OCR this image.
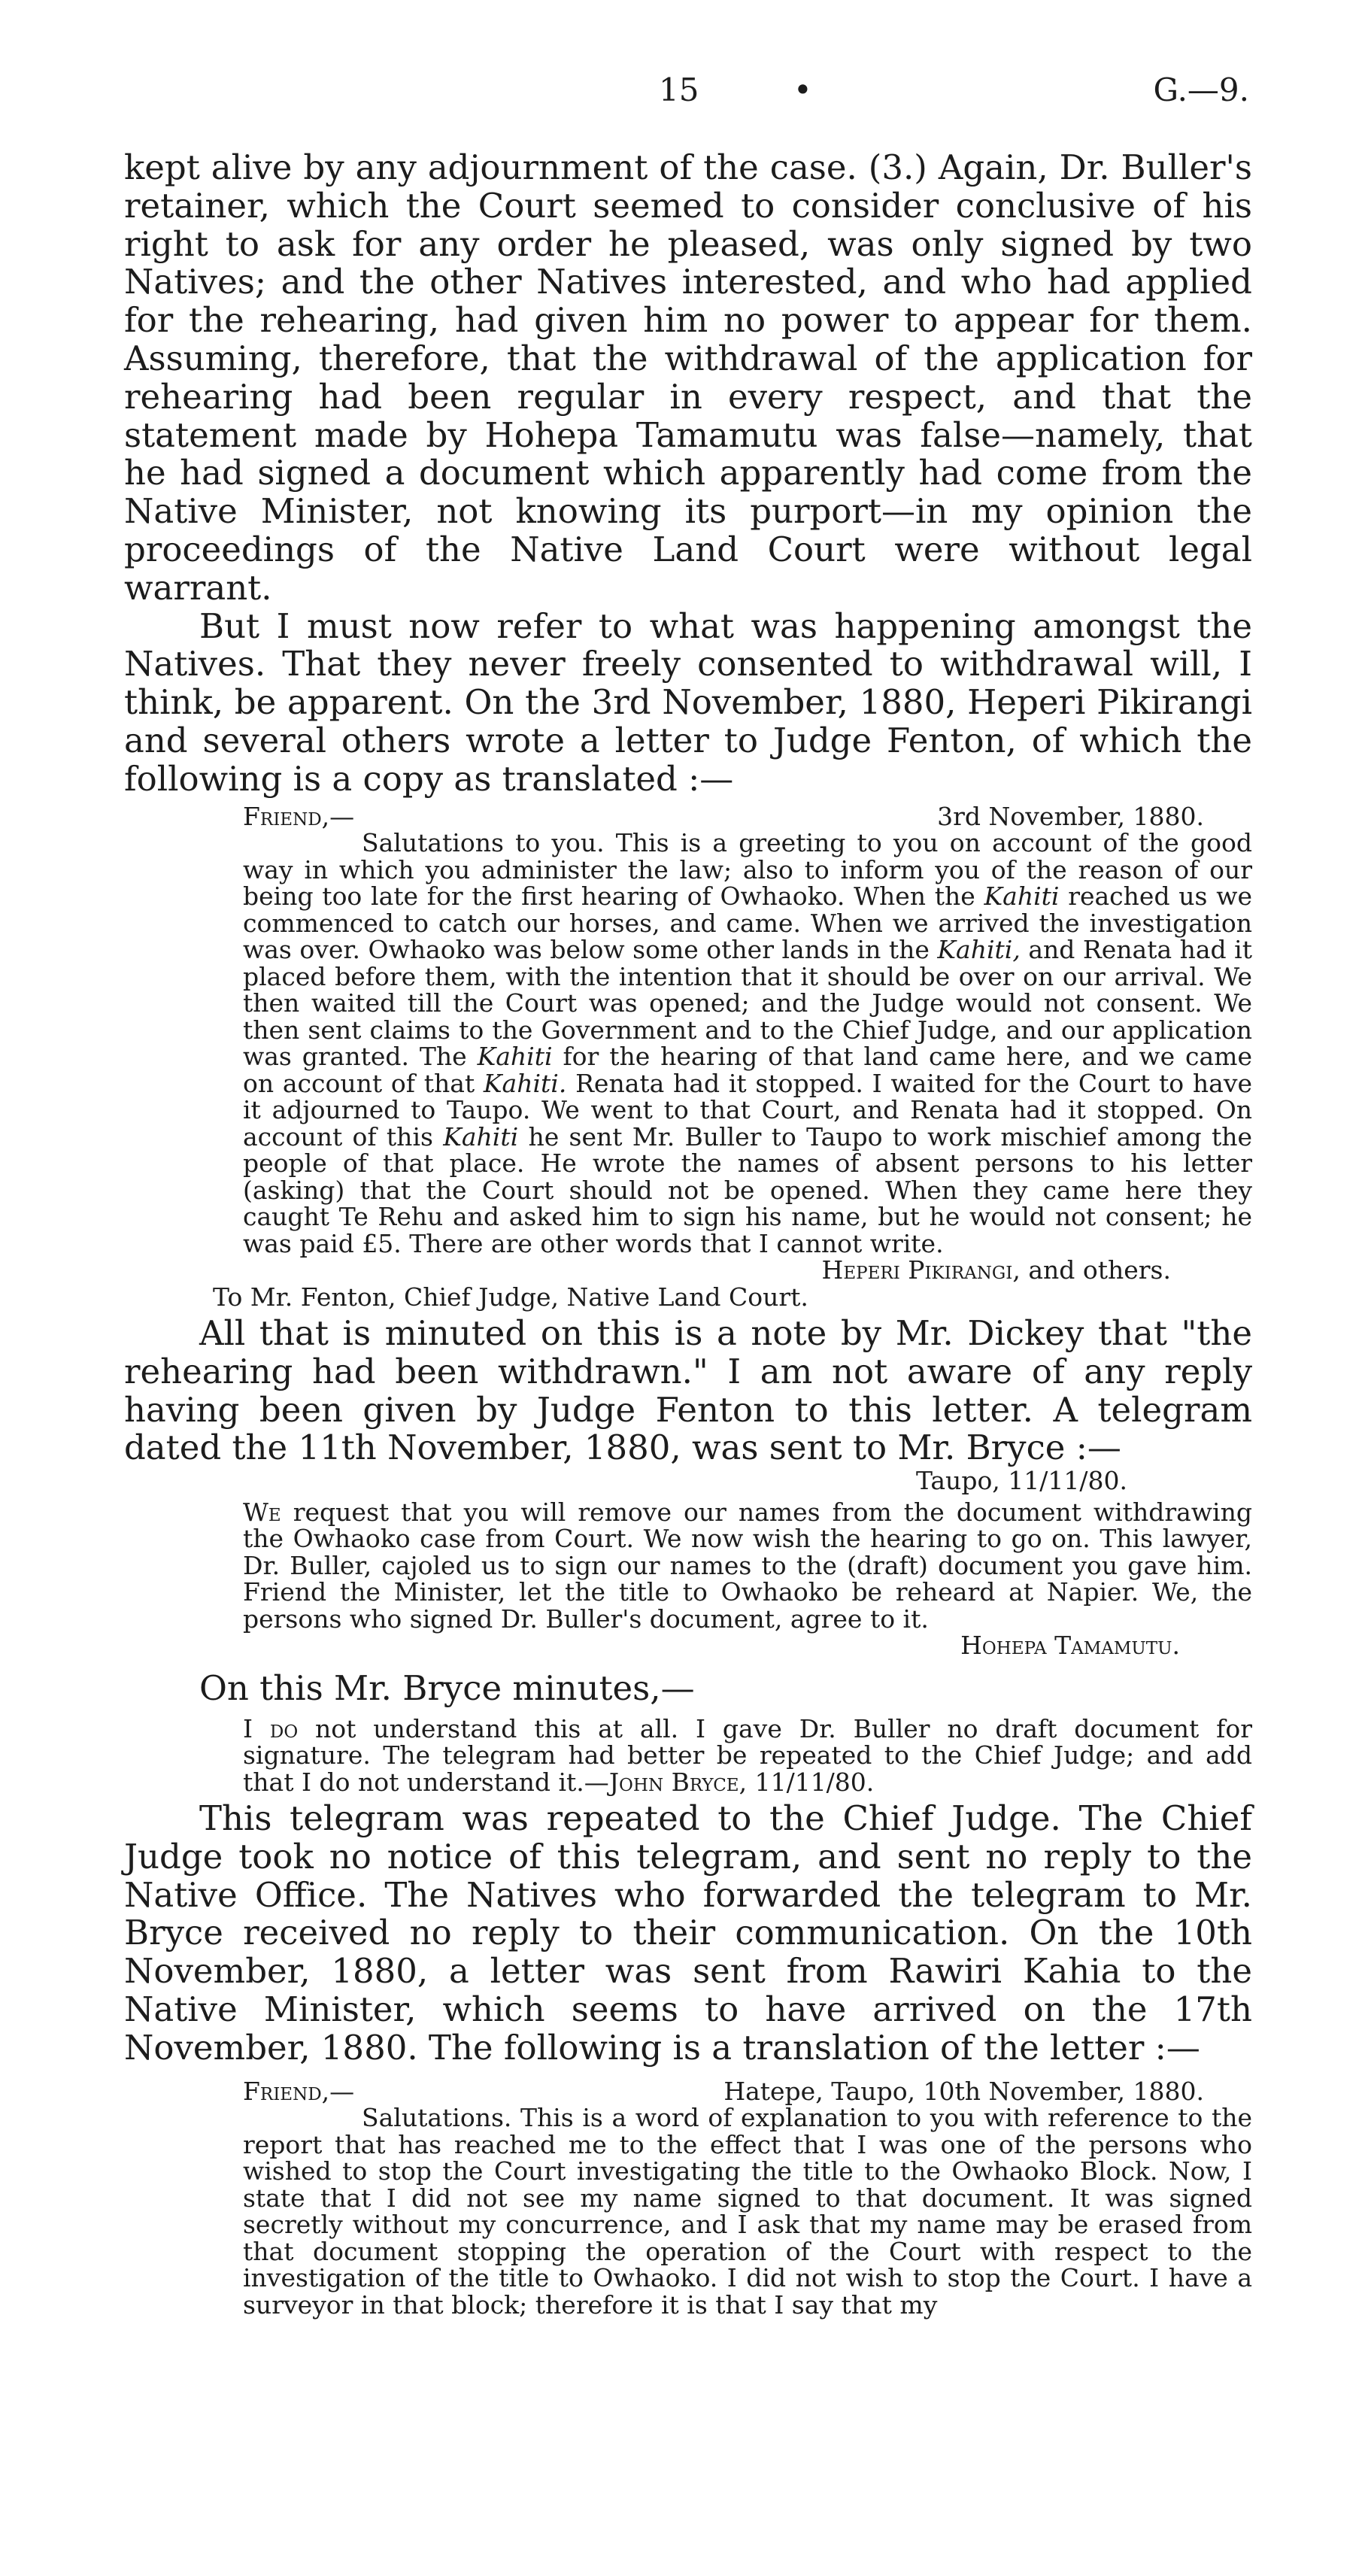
15	•	G.—9.

kept alive by any adjournment of the case. (3.) Again, Dr. Buller's retainer, which the Court seemed to consider conclusive of his right to ask for any order he pleased, was only signed by two Natives; and the other Natives interested, and who had applied for the rehearing, had given him no power to appear for them. Assuming, therefore, that the withdrawal of the application for rehearing had been regular in every respect, and that the statement made by Hohepa Tamamutu was false—namely, that he had signed a document which apparently had come from the Native Minister, not knowing its purport—in my opinion the proceedings of the Native Land Court were without legal warrant.

But I must now refer to what was happening amongst the Natives. That they never freely consented to withdrawal will, I think, be apparent. On the 3rd November, 1880, Heperi Pikirangi and several others wrote a letter to Judge Fenton, of which the following is a copy as translated :—

Friend,—	3rd November, 1880.

Salutations to you. This is a greeting to you on account of the good way in which you administer the law; also to inform you of the reason of our being too late for the first hearing of Owhaoko. When the Kahiti reached us we commenced to catch our horses, and came. When we arrived the investigation was over. Owhaoko was below some other lands in the Kahiti, and Renata had it placed before them, with the intention that it should be over on our arrival. We then waited till the Court was opened; and the Judge would not consent. We then sent claims to the Government and to the Chief Judge, and our application was granted. The Kahiti for the hearing of that land came here, and we came on account of that Kahiti. Renata had it stopped. I waited for the Court to have it adjourned to Taupo. We went to that Court, and Renata had it stopped. On account of this Kahiti he sent Mr. Buller to Taupo to work mischief among the people of that place. He wrote the names of absent persons to his letter (asking) that the Court should not be opened. When they came here they caught Te Rehu and asked him to sign his name, but he would not consent; he was paid £5. There are other words that I cannot write.

Heperi Pikirangi, and others.
To Mr. Fenton, Chief Judge, Native Land Court.

All that is minuted on this is a note by Mr. Dickey that "the rehearing had been withdrawn." I am not aware of any reply having been given by Judge Fenton to this letter. A telegram dated the 11th November, 1880, was sent to Mr. Bryce :—

Taupo, 11/11/80.

We request that you will remove our names from the document withdrawing the Owhaoko case from Court. We now wish the hearing to go on. This lawyer, Dr. Buller, cajoled us to sign our names to the (draft) document you gave him. Friend the Minister, let the title to Owhaoko be reheard at Napier. We, the persons who signed Dr. Buller's document, agree to it.

Hohepa Tamamutu.

On this Mr. Bryce minutes,—

I do not understand this at all. I gave Dr. Buller no draft document for signature. The telegram had better be repeated to the Chief Judge; and add that I do not understand it.—John Bryce, 11/11/80.

This telegram was repeated to the Chief Judge. The Chief Judge took no notice of this telegram, and sent no reply to the Native Office. The Natives who forwarded the telegram to Mr. Bryce received no reply to their communication. On the 10th November, 1880, a letter was sent from Rawiri Kahia to the Native Minister, which seems to have arrived on the 17th November, 1880. The following is a translation of the letter :—

Friend,—	Hatepe, Taupo, 10th November, 1880.

Salutations. This is a word of explanation to you with reference to the report that has reached me to the effect that I was one of the persons who wished to stop the Court investigating the title to the Owhaoko Block. Now, I state that I did not see my name signed to that document. It was signed secretly without my concurrence, and I ask that my name may be erased from that document stopping the operation of the Court with respect to the investigation of the title to Owhaoko. I did not wish to stop the Court. I have a surveyor in that block; therefore it is that I say that my
